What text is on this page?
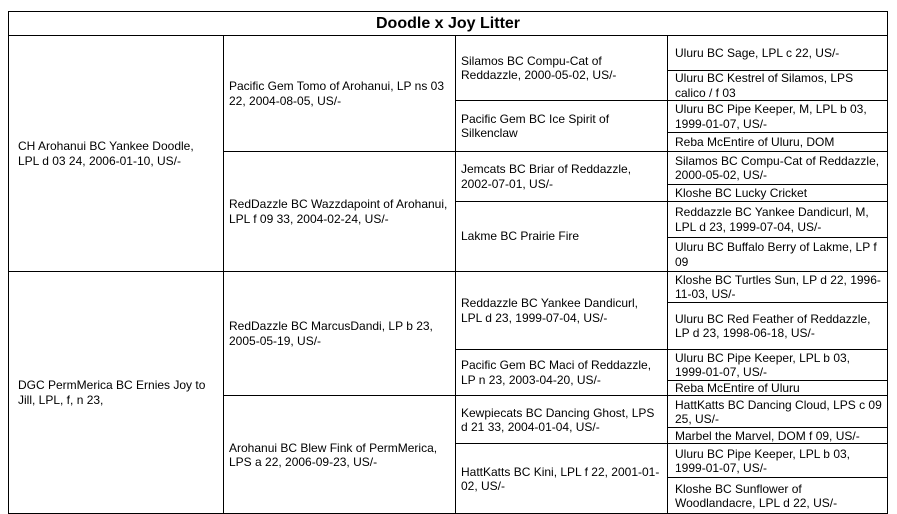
Doodle x Joy Litter			
CH Arohanui BC Yankee Doodle, LPL d 03 24, 2006-01-10, US/-	Pacific Gem Tomo of Arohanui, LP ns 03 22, 2004-08-05, US/-	Silamos BC Compu-Cat of Reddazzle, 2000-05-02, US/-	Uluru BC Sage, LPL c 22, US/-
			Uluru BC Kestrel of Silamos, LPS calico / f 03
		Pacific Gem BC Ice Spirit of Silkenclaw	Uluru BC Pipe Keeper, M, LPL b 03, 1999-01-07, US/-
			Reba McEntire of Uluru, DOM
	RedDazzle BC Wazzdapoint of Arohanui, LPL f 09 33, 2004-02-24, US/-	Jemcats BC Briar of Reddazzle, 2002-07-01, US/-	Silamos BC Compu-Cat of Reddazzle, 2000-05-02, US/-
			Kloshe BC Lucky Cricket
		Lakme BC Prairie Fire	Reddazzle BC Yankee Dandicurl, M, LPL d 23, 1999-07-04, US/-
			Uluru BC Buffalo Berry of Lakme, LP f 09
DGC PermMerica BC Ernies Joy to Jill, LPL, f, n 23,	RedDazzle BC MarcusDandi, LP b 23, 2005-05-19, US/-	Reddazzle BC Yankee Dandicurl, LPL d 23, 1999-07-04, US/-	Kloshe BC Turtles Sun, LP d 22, 1996-11-03, US/-
			Uluru BC Red Feather of Reddazzle, LP d 23, 1998-06-18, US/-
		Pacific Gem BC Maci of Reddazzle, LP n 23, 2003-04-20, US/-	Uluru BC Pipe Keeper, LPL b 03, 1999-01-07, US/-
			Reba McEntire of Uluru
	Arohanui BC Blew Fink of PermMerica, LPS a 22, 2006-09-23, US/-	Kewpiecats BC Dancing Ghost, LPS d 21 33, 2004-01-04, US/-	HattKatts BC Dancing Cloud, LPS c 09 25, US/-
			Marbel the Marvel, DOM f 09, US/-
		HattKatts BC Kini, LPL f 22, 2001-01-02, US/-	Uluru BC Pipe Keeper, LPL b 03, 1999-01-07, US/-
			Kloshe BC Sunflower of Woodlandacre, LPL d 22, US/-
